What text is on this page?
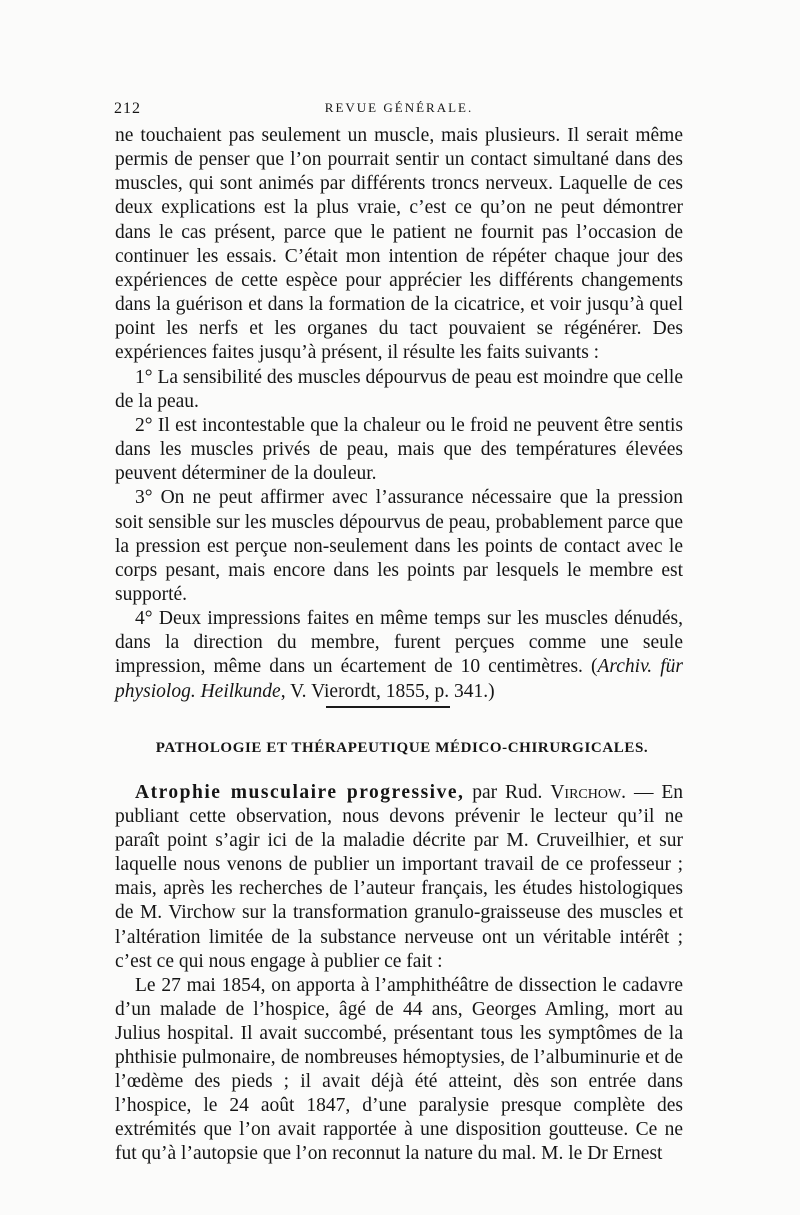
212	REVUE GÉNÉRALE.

ne touchaient pas seulement un muscle, mais plusieurs. Il serait même permis de penser que l’on pourrait sentir un contact simultané dans des muscles, qui sont animés par différents troncs nerveux. Laquelle de ces deux explications est la plus vraie, c’est ce qu’on ne peut démontrer dans le cas présent, parce que le patient ne fournit pas l’occasion de continuer les essais. C’était mon intention de répéter chaque jour des expériences de cette espèce pour apprécier les différents changements dans la guérison et dans la formation de la cicatrice, et voir jusqu’à quel point les nerfs et les organes du tact pouvaient se régénérer. Des expériences faites jusqu’à présent, il résulte les faits suivants :

1° La sensibilité des muscles dépourvus de peau est moindre que celle de la peau.

2° Il est incontestable que la chaleur ou le froid ne peuvent être sentis dans les muscles privés de peau, mais que des températures élevées peuvent déterminer de la douleur.

3° On ne peut affirmer avec l’assurance nécessaire que la pression soit sensible sur les muscles dépourvus de peau, probablement parce que la pression est perçue non-seulement dans les points de contact avec le corps pesant, mais encore dans les points par lesquels le membre est supporté.

4° Deux impressions faites en même temps sur les muscles dénudés, dans la direction du membre, furent perçues comme une seule impression, même dans un écartement de 10 centimètres. (Archiv. für physiolog. Heilkunde, V. Vierordt, 1855, p. 341.)

PATHOLOGIE ET THÉRAPEUTIQUE MÉDICO-CHIRURGICALES.

Atrophie musculaire progressive, par Rud. Virchow. — En publiant cette observation, nous devons prévenir le lecteur qu’il ne paraît point s’agir ici de la maladie décrite par M. Cruveilhier, et sur laquelle nous venons de publier un important travail de ce professeur ; mais, après les recherches de l’auteur français, les études histologiques de M. Virchow sur la transformation granulo-graisseuse des muscles et l’altération limitée de la substance nerveuse ont un véritable intérêt ; c’est ce qui nous engage à publier ce fait :

Le 27 mai 1854, on apporta à l’amphithéâtre de dissection le cadavre d’un malade de l’hospice, âgé de 44 ans, Georges Amling, mort au Julius hospital. Il avait succombé, présentant tous les symptômes de la phthisie pulmonaire, de nombreuses hémoptysies, de l’albuminurie et de l’œdème des pieds ; il avait déjà été atteint, dès son entrée dans l’hospice, le 24 août 1847, d’une paralysie presque complète des extrémités que l’on avait rapportée à une disposition goutteuse. Ce ne fut qu’à l’autopsie que l’on reconnut la nature du mal. M. le Dr Ernest
